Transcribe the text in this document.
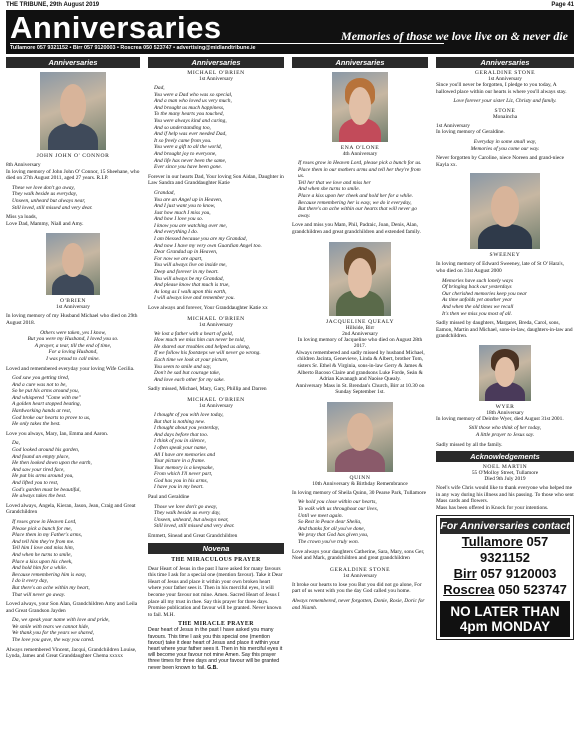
THE TRIBUNE, 29th August 2019	Page 41
Anniversaries	Memories of those we love live on & never die
Tullamore 057 9321152 • Birr 057 9120003 • Roscrea 050 523747 • advertising@midlandtribune.ie
Anniversaries
JOHN JOHN O' CONNOR

8th Anniversary

In loving memory of John John O' Connor, 15 Sheehane, who died on 27th August 2011, aged 27 years. R.I.P.

These we love don't go away,
They walk beside us everyday,
Unseen, unheard but always near,
Still loved, still missed and very dear.
Miss ya loads,
Love Dad, Mammy, Niall and Amy.
O'BRIEN
1st Anniversary

In loving memory of my Husband Michael who died on 29th August 2018.

Others were taken, yes I know,
But you were my Husband, I loved you so.
A prayer, a tear, till the end of time,
For a loving Husband,
I was proud to call mine.

Loved and remembered everyday your loving Wife Cecilia.

God saw you getting tired,
And a cure was not to be,
So he put his arms around you,
And whispered "Come with me"
A golden heart stopped beating,
Hardworking hands at rest,
God broke our hearts to prove to us,
He only takes the best.

Love you always, Mary, Ian, Emma and Aaron.

Da,
God looked around his garden,
And found an empty place,
He then looked down upon the earth,
And saw your tired face,
He put his arms around you,
And lifted you to rest,
God's garden must be beautiful,
He always takes the best.

Loved always, Angela, Kieran, Jason, Jean, Craig and Great Grandchildren

If roses grow in Heaven Lord,
Please pick a bunch for me,
Place them in my Father's arms,
And tell him they're from me.
Tell him I love and miss him,
And when he turns to smile,
Place a kiss upon his cheek,
And hold him for a while.
Because remembering him is easy,
I do it every day,
But there's an ache within my heart,
That will never go away.

Loved always, your Son Alan, Grandchildren Amy and Leila and Great Grandson Jayden

Da, we speak your name with love and pride,
We smile with tears we cannot hide,
We thank you for the years we shared,
The love you gave, the way you cared.

Always remembered Vincent, Jacqui, Grandchildren Louise, Lynda, James and Great Granddaughter Chema xxxxx

Anniversaries
MICHAEL O'BRIEN
1st Anniversary
Dad,
You were a Dad who was so special,
And a man who loved us very much,
And brought us much happiness,
To the many hearts you touched,
You were always kind and caring,
And so understanding too,
And if help was ever needed Dad,
It so freely came from you.
You were a gift to all the world,
And brought joy to everyone,
And life has never been the same,
Ever since you have been gone.

Forever in our hearts Dad, Your loving Son Aidan, Daughter in Law Sandra and Granddaughter Katie

Grandad,
You are an Angel up in Heaven,
And I just want you to know,
Just how much I miss you,
And how I love you so.
I know you are watching over me,
And everything I do.
I am blessed because you are my Grandad,
And now I have my very own Guardian Angel too.
Dear Grandad up in Heaven,
For now we are apart,
You will always live on inside me,
Deep and forever in my heart.
You will always be my Grandad,
And please know that much is true,
As long as I walk upon this earth,
I will always love and remember you.

Love always and forever, Your Granddaughter Katie xx

MICHAEL O'BRIEN
1st Anniversary
We lost a father with a heart of gold,
How much we miss him can never be told,
He shared our troubles and helped us along,
If we follow his footsteps we will never go wrong.
Each time we look at your picture,
You seem to smile and say,
Don't be sad but courage take,
And love each other for my sake.

Sadly missed, Michael, Mary, Gary, Phillip and Darren

MICHAEL O'BRIEN
1st Anniversary
I thought of you with love today,
But that is nothing new.
I thought about you yesterday,
And days before that too.
I think of you in silence,
I often speak your name,
All I have are memories and
Your picture in a frame.
Your memory is a keepsake,
From which I'll never part,
God has you in his arms,
I have you in my heart.

Paul and Geraldine

Those we love don't go away,
They walk beside us every day,
Unseen, unheard, but always near,
Still loved, still missed and very dear.

Emmett, Sinead and Great Grandchildren

Novena
THE MIRACULOUS PRAYER

Dear Heart of Jesus in the past I have asked for many favours this time I ask for a special one (mention favour). Take it Dear Heart of Jesus and place it within your own broken heart where your father sees it. Then in his merciful eyes, it will become your favour not mine. Amen. Sacred Heart of Jesus I place all my trust in thee. Say this prayer for three days. Promise publication and favour will be granted. Never known to fail. M.H.

THE MIRACLE PRAYER
Dear heart of Jesus in the past I have asked you many favours. This time I ask you this special one (mention favour) take it dear heart of Jesus and place it within your heart where your father sees it. Then in his merciful eyes it will become your favour not mine Amen. Say this prayer three times for three days and your favour will be granted never been known to fail. G.B.
Anniversaries
ENA O'LONE
4th Anniversary
If roses grow in Heaven Lord, please pick a bunch for us.
Place them in our mothers arms and tell her they're from us.
Tell her that we love and miss her
And when she turns to smile.
Place a kiss upon her cheek and hold her for a while.
Because remembering her is easy, we do it everyday,
But there's an ache within our hearts that will never go away.

Love and miss you Mam, Phil, Padraic, Joan, Denis, Alan, grandchildren and great grandchildren and extended family.

JACQUELINE QUEALY
Hillside, Birr
2nd Anniversary

In loving memory of Jacqueline who died on August 28th 2017.

Always remembered and sadly missed by husband Michael, children Jacinta, Genevieve, Linda & Albert, brother Tom, sisters Sr. Ethel & Virginia, sons-in-law Gerry & James & Alberto Bacoso Claire and grandsons Luke Forde, Seán & Adrian Kavanagh and Naoise Quealy.

Anniversary Mass in St. Brendan's Church, Birr at 10.30 on Sunday September 1st.

QUINN
10th Anniversary & Birthday Remembrance

In loving memory of Sheila Quinn, 30 Pearse Park, Tullamore

We hold you close within our hearts,
To walk with us throughout our lives,
Until we meet again.
So Rest in Peace dear Sheila,
And thanks for all you've done,
We pray that God has given you,
The crown you've truly won.

Love always your daughters Catherine, Sara, Mary, sons Ger, Noel and Mark, grandchildren and great grandchildren

GERALDINE STONE
1st Anniversary

It broke our hearts to lose you But you did not go alone, For part of us went with you the day God called you home.

Always remembered, never forgotten, Donie, Rosie, Doric for and Niamh.

Anniversaries
GERALDINE STONE
1st Anniversary

Since you'll never be forgotten, I pledge to you today, A hallowed place within our hearts is where you'll always stay.

Love forever your sister Liz, Christy and family.

STONE
Monaincha

1st Anniversary

In loving memory of Geraldine.

Everyday in some small way,
Memories of you come our way.

Never forgotten by Caroline, niece Noreen and grand-niece Kayla xx.

SWEENEY

In loving memory of Edward Sweeney, late of St O' Hara's, who died on 31st August 2000

Memories have such lonely ways
Of bringing back our yesterdays
Our cherished memories keep you near
As time unfolds yet another year
And when the old times we recall
It's then we miss you most of all.

Sadly missed by daughters, Margaret, Breda, Carol, sons, Eamon, Martin and Michael, sons-in-law, daughters-in-law and grandchildren.

WYER
18th Anniversary

In loving memory of Deirdre Wyer, died August 31st 2001.

Still those who think of her today,
A little prayer to Jesus say.

Sadly missed by all the family.

Acknowledgements
NOEL MARTIN
55 O'Molloy Street, Tullamore
Died 9th July 2019

Noel's wife Chris would like to thank everyone who helped me in any way during his illness and his passing. To those who sent Mass cards and flowers.

Mass has been offered in Knock for your intentions.

For Anniversaries contact
Tullamore 057 9321152
Birr 057 9120003
Roscrea 050 523747
NO LATER THAN 4pm MONDAY
